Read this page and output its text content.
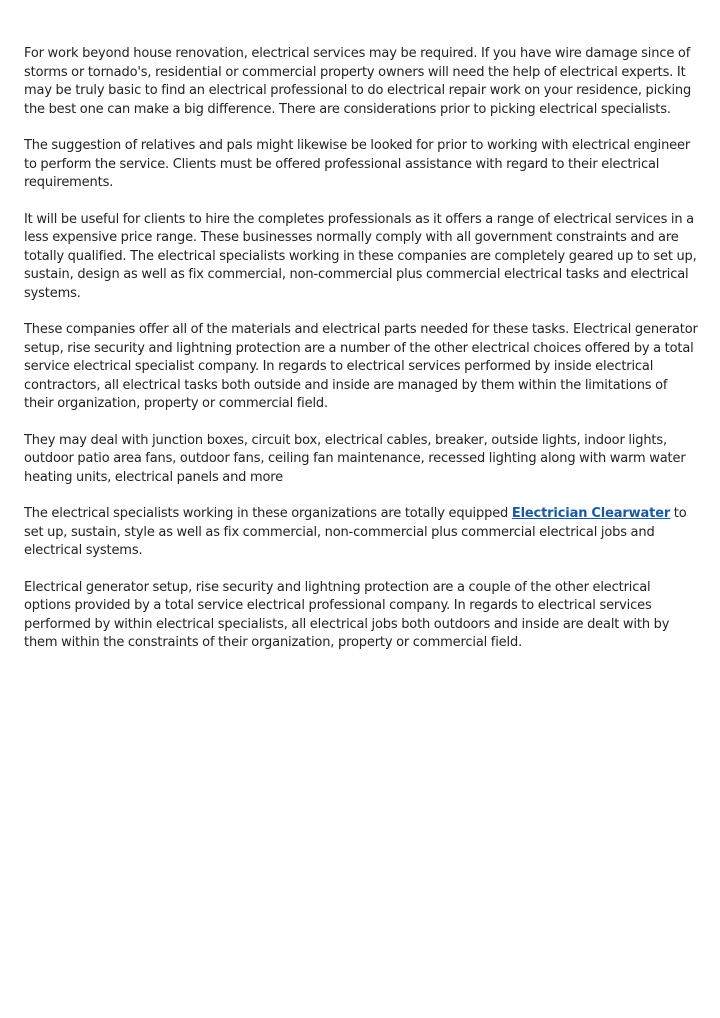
For work beyond house renovation, electrical services may be required. If you have wire damage since of storms or tornado's, residential or commercial property owners will need the help of electrical experts. It may be truly basic to find an electrical professional to do electrical repair work on your residence, picking the best one can make a big difference. There are considerations prior to picking electrical specialists.

The suggestion of relatives and pals might likewise be looked for prior to working with electrical engineer to perform the service. Clients must be offered professional assistance with regard to their electrical requirements.

It will be useful for clients to hire the completes professionals as it offers a range of electrical services in a less expensive price range. These businesses normally comply with all government constraints and are totally qualified. The electrical specialists working in these companies are completely geared up to set up, sustain, design as well as fix commercial, non-commercial plus commercial electrical tasks and electrical systems.

These companies offer all of the materials and electrical parts needed for these tasks. Electrical generator setup, rise security and lightning protection are a number of the other electrical choices offered by a total service electrical specialist company. In regards to electrical services performed by inside electrical contractors, all electrical tasks both outside and inside are managed by them within the limitations of their organization, property or commercial field.

They may deal with junction boxes, circuit box, electrical cables, breaker, outside lights, indoor lights, outdoor patio area fans, outdoor fans, ceiling fan maintenance, recessed lighting along with warm water heating units, electrical panels and more

The electrical specialists working in these organizations are totally equipped Electrician Clearwater to set up, sustain, style as well as fix commercial, non-commercial plus commercial electrical jobs and electrical systems.

Electrical generator setup, rise security and lightning protection are a couple of the other electrical options provided by a total service electrical professional company. In regards to electrical services performed by within electrical specialists, all electrical jobs both outdoors and inside are dealt with by them within the constraints of their organization, property or commercial field.
